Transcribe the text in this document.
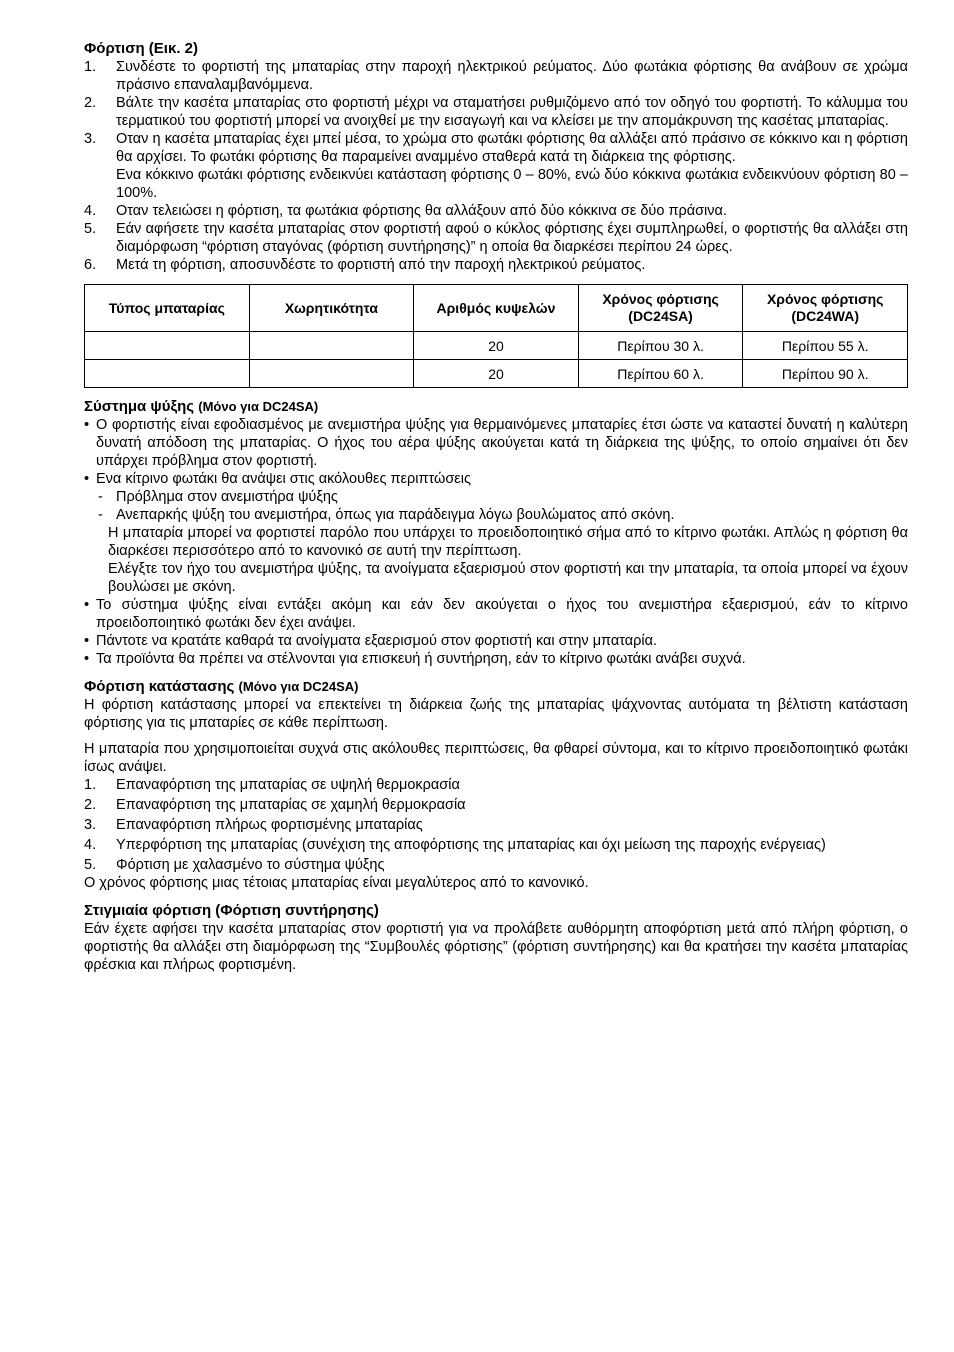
Φόρτιση (Εικ. 2)
1. Συνδέστε το φορτιστή της μπαταρίας στην παροχή ηλεκτρικού ρεύματος. Δύο φωτάκια φόρτισης θα ανάβουν σε χρώμα πράσινο επαναλαμβανόμμενα.

2. Βάλτε την κασέτα μπαταρίας στο φορτιστή μέχρι να σταματήσει ρυθμιζόμενο από τον οδηγό του φορτιστή. Το κάλυμμα του τερματικού του φορτιστή μπορεί να ανοιχθεί με την εισαγωγή και να κλείσει με την απομάκρυνση της κασέτας μπαταρίας.

3. Οταν η κασέτα μπαταρίας έχει μπεί μέσα, το χρώμα στο φωτάκι φόρτισης θα αλλάξει από πράσινο σε κόκκινο και η φόρτιση θα αρχίσει. Το φωτάκι φόρτισης θα παραμείνει αναμμένο σταθερά κατά τη διάρκεια της φόρτισης.

Ενα κόκκινο φωτάκι φόρτισης ενδεικνύει κατάσταση φόρτισης 0 – 80%, ενώ δύο κόκκινα φωτάκια ενδεικνύουν φόρτιση 80 – 100%.

4. Οταν τελειώσει η φόρτιση, τα φωτάκια φόρτισης θα αλλάξουν από δύο κόκκινα σε δύο πράσινα.

5. Εάν αφήσετε την κασέτα μπαταρίας στον φορτιστή αφού ο κύκλος φόρτισης έχει συμπληρωθεί, ο φορτιστής θα αλλάξει στη διαμόρφωση “φόρτιση σταγόνας (φόρτιση συντήρησης)” η οποία θα διαρκέσει περίπου 24 ώρες.

6. Μετά τη φόρτιση, αποσυνδέστε το φορτιστή από την παροχή ηλεκτρικού ρεύματος.

Τύπος μπαταρίας	Χωρητικότητα	Αριθμός κυψελών	Χρόνος φόρτισης (DC24SA)	Χρόνος φόρτισης (DC24WA)
		20	Περίπου 30 λ.	Περίπου 55 λ.
		20	Περίπου 60 λ.	Περίπου 90 λ.
Σύστημα ψύξης (Μόνο για DC24SA)
• Ο φορτιστής είναι εφοδιασμένος με ανεμιστήρα ψύξης για θερμαινόμενες μπαταρίες έτσι ώστε να καταστεί δυνατή η καλύτερη δυνατή απόδοση της μπαταρίας. Ο ήχος του αέρα ψύξης ακούγεται κατά τη διάρκεια της ψύξης, το οποίο σημαίνει ότι δεν υπάρχει πρόβλημα στον φορτιστή.

• Ενα κίτρινο φωτάκι θα ανάψει στις ακόλουθες περιπτώσεις

- Πρόβλημα στον ανεμιστήρα ψύξης
- Ανεπαρκής ψύξη του ανεμιστήρα, όπως για παράδειγμα λόγω βουλώματος από σκόνη.

Η μπαταρία μπορεί να φορτιστεί παρόλο που υπάρχει το προειδοποιητικό σήμα από το κίτρινο φωτάκι. Απλώς η φόρτιση θα διαρκέσει περισσότερο από το κανονικό σε αυτή την περίπτωση.

Ελέγξτε τον ήχο του ανεμιστήρα ψύξης, τα ανοίγματα εξαερισμού στον φορτιστή και την μπαταρία, τα οποία μπορεί να έχουν βουλώσει με σκόνη.

• Το σύστημα ψύξης είναι εντάξει ακόμη και εάν δεν ακούγεται ο ήχος του ανεμιστήρα εξαερισμού, εάν το κίτρινο προειδοποιητικό φωτάκι δεν έχει ανάψει.

• Πάντοτε να κρατάτε καθαρά τα ανοίγματα εξαερισμού στον φορτιστή και στην μπαταρία.

• Τα προϊόντα θα πρέπει να στέλνονται για επισκευή ή συντήρηση, εάν το κίτρινο φωτάκι ανάβει συχνά.

Φόρτιση κατάστασης (Μόνο για DC24SA)

Η φόρτιση κατάστασης μπορεί να επεκτείνει τη διάρκεια ζωής της μπαταρίας ψάχνοντας αυτόματα τη βέλτιστη κατάσταση φόρτισης για τις μπαταρίες σε κάθε περίπτωση.

Η μπαταρία που χρησιμοποιείται συχνά στις ακόλουθες περιπτώσεις, θα φθαρεί σύντομα, και το κίτρινο προειδοποιητικό φωτάκι ίσως ανάψει.

1. Επαναφόρτιση της μπαταρίας σε υψηλή θερμοκρασία

2. Επαναφόρτιση της μπαταρίας σε χαμηλή θερμοκρασία

3. Επαναφόρτιση πλήρως φορτισμένης μπαταρίας

4. Υπερφόρτιση της μπαταρίας (συνέχιση της αποφόρτισης της μπαταρίας και όχι μείωση της παροχής ενέργειας)

5. Φόρτιση με χαλασμένο το σύστημα ψύξης

Ο χρόνος φόρτισης μιας τέτοιας μπαταρίας είναι μεγαλύτερος από το κανονικό.

Στιγμιαία φόρτιση (Φόρτιση συντήρησης)

Εάν έχετε αφήσει την κασέτα μπαταρίας στον φορτιστή για να προλάβετε αυθόρμητη αποφόρτιση μετά από πλήρη φόρτιση, ο φορτιστής θα αλλάξει στη διαμόρφωση της “Συμβουλές φόρτισης” (φόρτιση συντήρησης) και θα κρατήσει την κασέτα μπαταρίας φρέσκια και πλήρως φορτισμένη.
